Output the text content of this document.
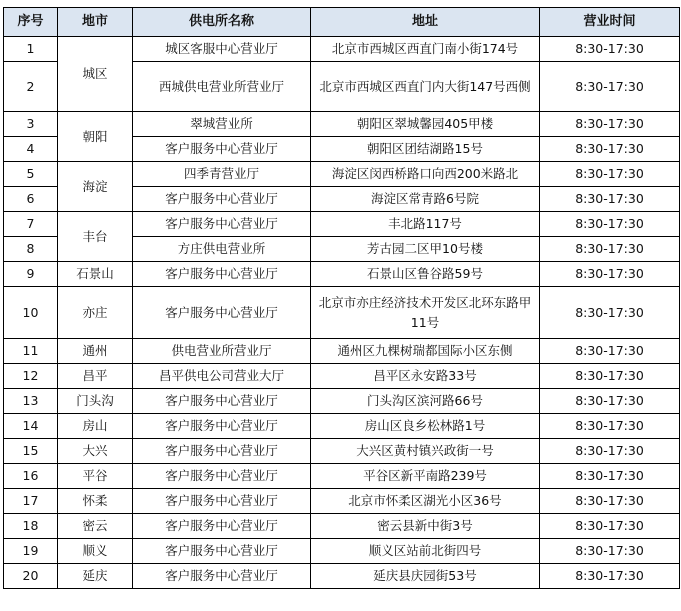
序号	地市	供电所名称	地址	营业时间
1	城区	城区客服中心营业厅	北京市西城区西直门南小街174号	8:30-17:30
2		西城供电营业所营业厅	北京市西城区西直门内大街147号西侧	8:30-17:30
3	朝阳	翠城营业所	朝阳区翠城馨园405甲楼	8:30-17:30
4		客户服务中心营业厅	朝阳区团结湖路15号	8:30-17:30
5	海淀	四季青营业厅	海淀区闵西桥路口向西200米路北	8:30-17:30
6		客户服务中心营业厅	海淀区常青路6号院	8:30-17:30
7	丰台	客户服务中心营业厅	丰北路117号	8:30-17:30
8		方庄供电营业所	芳古园二区甲10号楼	8:30-17:30
9	石景山	客户服务中心营业厅	石景山区鲁谷路59号	8:30-17:30
10	亦庄	客户服务中心营业厅	北京市亦庄经济技术开发区北环东路甲11号	8:30-17:30
11	通州	供电营业所营业厅	通州区九棵树瑞都国际小区东侧	8:30-17:30
12	昌平	昌平供电公司营业大厅	昌平区永安路33号	8:30-17:30
13	门头沟	客户服务中心营业厅	门头沟区滨河路66号	8:30-17:30
14	房山	客户服务中心营业厅	房山区良乡松林路1号	8:30-17:30
15	大兴	客户服务中心营业厅	大兴区黄村镇兴政街一号	8:30-17:30
16	平谷	客户服务中心营业厅	平谷区新平南路239号	8:30-17:30
17	怀柔	客户服务中心营业厅	北京市怀柔区湖光小区36号	8:30-17:30
18	密云	客户服务中心营业厅	密云县新中街3号	8:30-17:30
19	顺义	客户服务中心营业厅	顺义区站前北街四号	8:30-17:30
20	延庆	客户服务中心营业厅	延庆县庆园街53号	8:30-17:30
